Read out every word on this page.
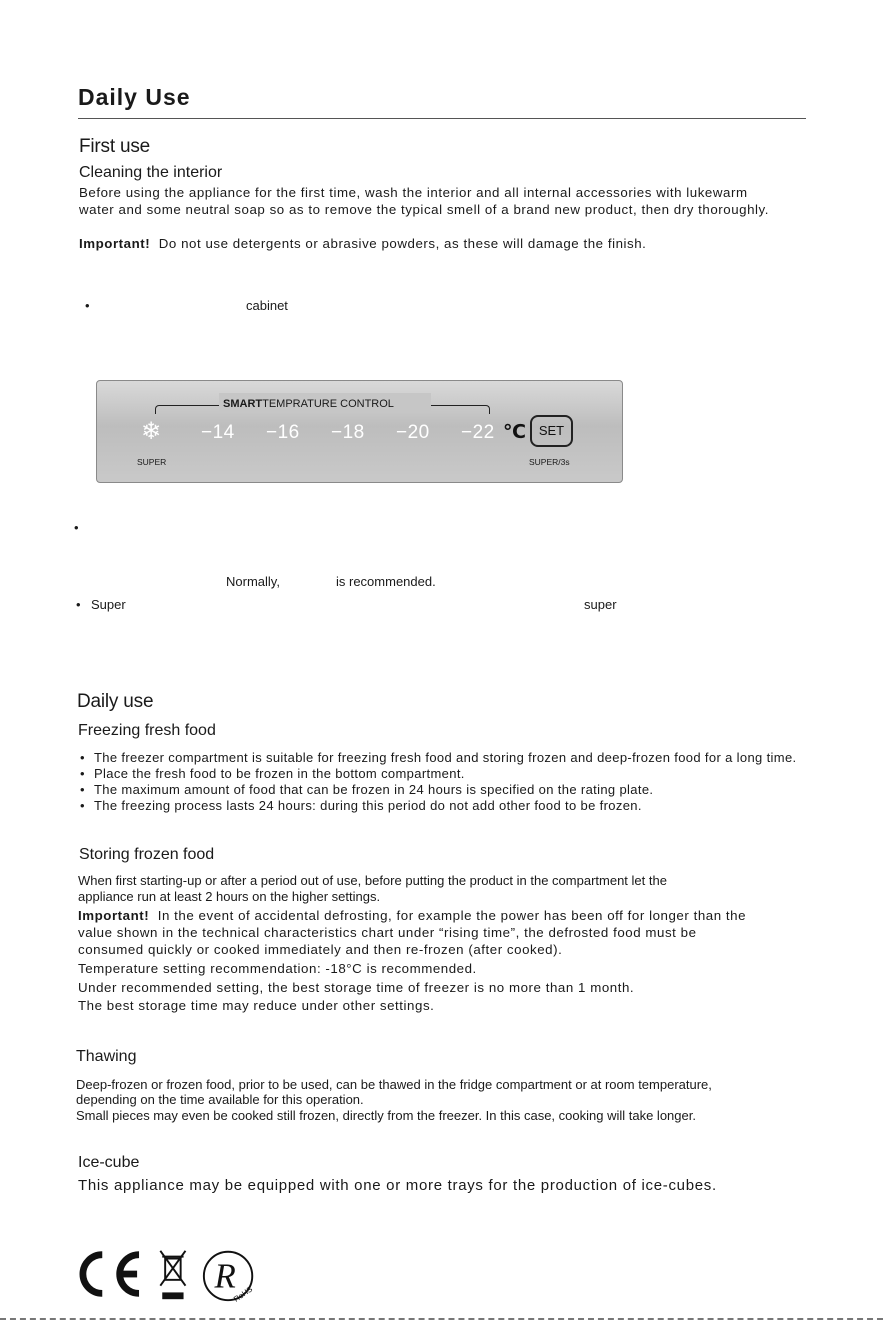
Daily Use
First use
Cleaning the interior
Before using the appliance for the first time, wash the interior and all internal accessories with lukewarm
water and some neutral soap so as to remove the typical smell of a brand new product, then dry thoroughly.
Important! Do not use detergents or abrasive powders, as these will damage the finish.
•	cabinet
SMARTTEMPRATURE CONTROL
❄ −14 −16 −18 −20 −22 ℃ SET
SUPER	SUPER/3s
•
Normally,	is recommended.
• Super	super
Daily use
Freezing fresh food
• The freezer compartment is suitable for freezing fresh food and storing frozen and deep-frozen food for a long time.
• Place the fresh food to be frozen in the bottom compartment.
• The maximum amount of food that can be frozen in 24 hours is specified on the rating plate.
• The freezing process lasts 24 hours: during this period do not add other food to be frozen.
Storing frozen food
When first starting-up or after a period out of use, before putting the product in the compartment let the
appliance run at least 2 hours on the higher settings.
Important! In the event of accidental defrosting, for example the power has been off for longer than the
value shown in the technical characteristics chart under “rising time”, the defrosted food must be
consumed quickly or cooked immediately and then re-frozen (after cooked).
Temperature setting recommendation: -18°C is recommended.
Under recommended setting, the best storage time of freezer is no more than 1 month.
The best storage time may reduce under other settings.
Thawing
Deep-frozen or frozen food, prior to be used, can be thawed in the fridge compartment or at room temperature,
depending on the time available for this operation.
Small pieces may even be cooked still frozen, directly from the freezer. In this case, cooking will take longer.
Ice-cube
This appliance may be equipped with one or more trays for the production of ice-cubes.
R
RoHS
